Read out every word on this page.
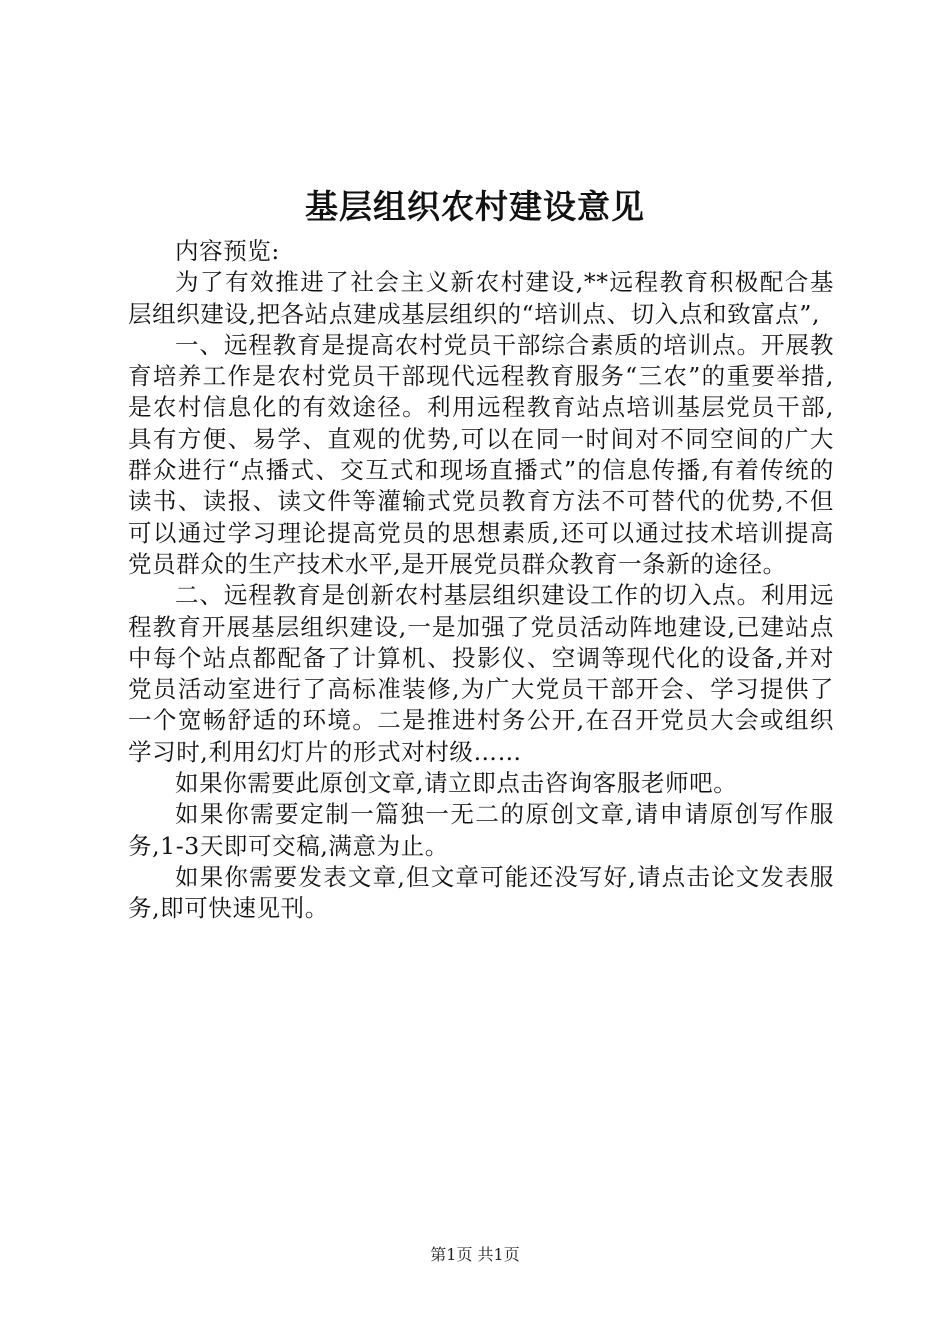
基层组织农村建设意见

内容预览:

为了有效推进了社会主义新农村建设,**远程教育积极配合基层组织建设,把各站点建成基层组织的“培训点、切入点和致富点”,

一、远程教育是提高农村党员干部综合素质的培训点。开展教育培养工作是农村党员干部现代远程教育服务“三农”的重要举措,是农村信息化的有效途径。利用远程教育站点培训基层党员干部,具有方便、易学、直观的优势,可以在同一时间对不同空间的广大群众进行“点播式、交互式和现场直播式”的信息传播,有着传统的读书、读报、读文件等灌输式党员教育方法不可替代的优势,不但可以通过学习理论提高党员的思想素质,还可以通过技术培训提高党员群众的生产技术水平,是开展党员群众教育一条新的途径。

二、远程教育是创新农村基层组织建设工作的切入点。利用远程教育开展基层组织建设,一是加强了党员活动阵地建设,已建站点中每个站点都配备了计算机、投影仪、空调等现代化的设备,并对党员活动室进行了高标准装修,为广大党员干部开会、学习提供了一个宽畅舒适的环境。二是推进村务公开,在召开党员大会或组织学习时,利用幻灯片的形式对村级……

如果你需要此原创文章,请立即点击咨询客服老师吧。

如果你需要定制一篇独一无二的原创文章,请申请原创写作服务,1-3天即可交稿,满意为止。

如果你需要发表文章,但文章可能还没写好,请点击论文发表服务,即可快速见刊。

第1页 共1页
